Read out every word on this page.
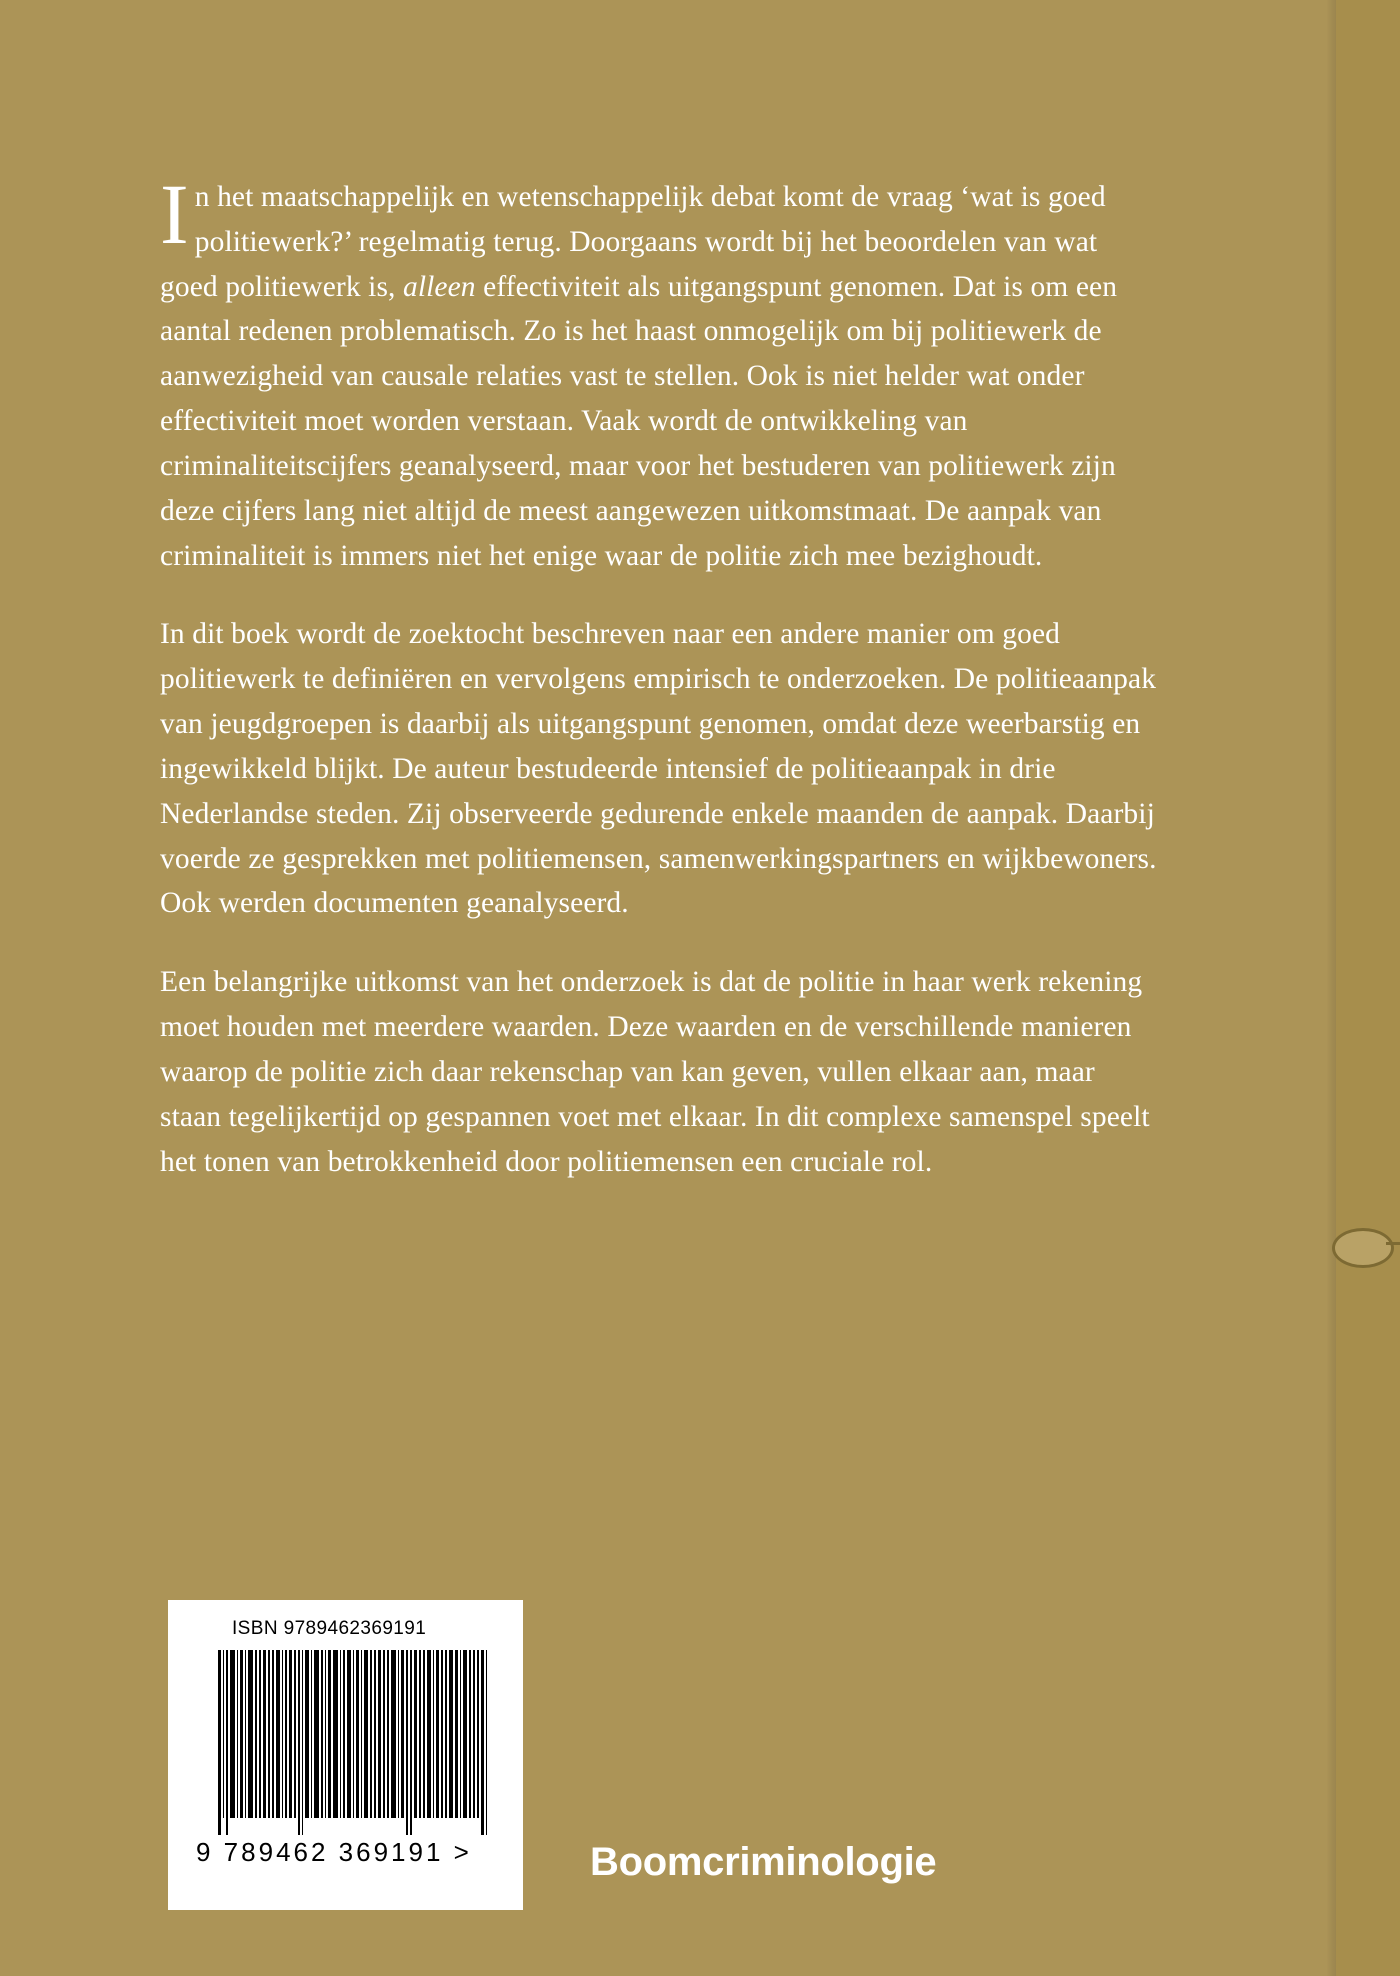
In het maatschappelijk en wetenschappelijk debat komt de vraag ‘wat is goed politiewerk?’ regelmatig terug. Doorgaans wordt bij het beoordelen van wat goed politiewerk is, alleen effectiviteit als uitgangspunt genomen. Dat is om een aantal redenen problematisch. Zo is het haast onmogelijk om bij politiewerk de aanwezigheid van causale relaties vast te stellen. Ook is niet helder wat onder effectiviteit moet worden verstaan. Vaak wordt de ontwikkeling van criminaliteitscijfers geanalyseerd, maar voor het bestuderen van politiewerk zijn deze cijfers lang niet altijd de meest aangewezen uitkomstmaat. De aanpak van criminaliteit is immers niet het enige waar de politie zich mee bezighoudt.

In dit boek wordt de zoektocht beschreven naar een andere manier om goed politiewerk te definiëren en vervolgens empirisch te onderzoeken. De politieaanpak van jeugdgroepen is daarbij als uitgangspunt genomen, omdat deze weerbarstig en ingewikkeld blijkt. De auteur bestudeerde intensief de politieaanpak in drie Nederlandse steden. Zij observeerde gedurende enkele maanden de aanpak. Daarbij voerde ze gesprekken met politiemensen, samenwerkingspartners en wijkbewoners. Ook werden documenten geanalyseerd.

Een belangrijke uitkomst van het onderzoek is dat de politie in haar werk rekening moet houden met meerdere waarden. Deze waarden en de verschillende manieren waarop de politie zich daar rekenschap van kan geven, vullen elkaar aan, maar staan tegelijkertijd op gespannen voet met elkaar. In dit complexe samenspel speelt het tonen van betrokkenheid door politiemensen een cruciale rol.

ISBN 9789462369191
9 789462 369191 >	Boomcriminologie
